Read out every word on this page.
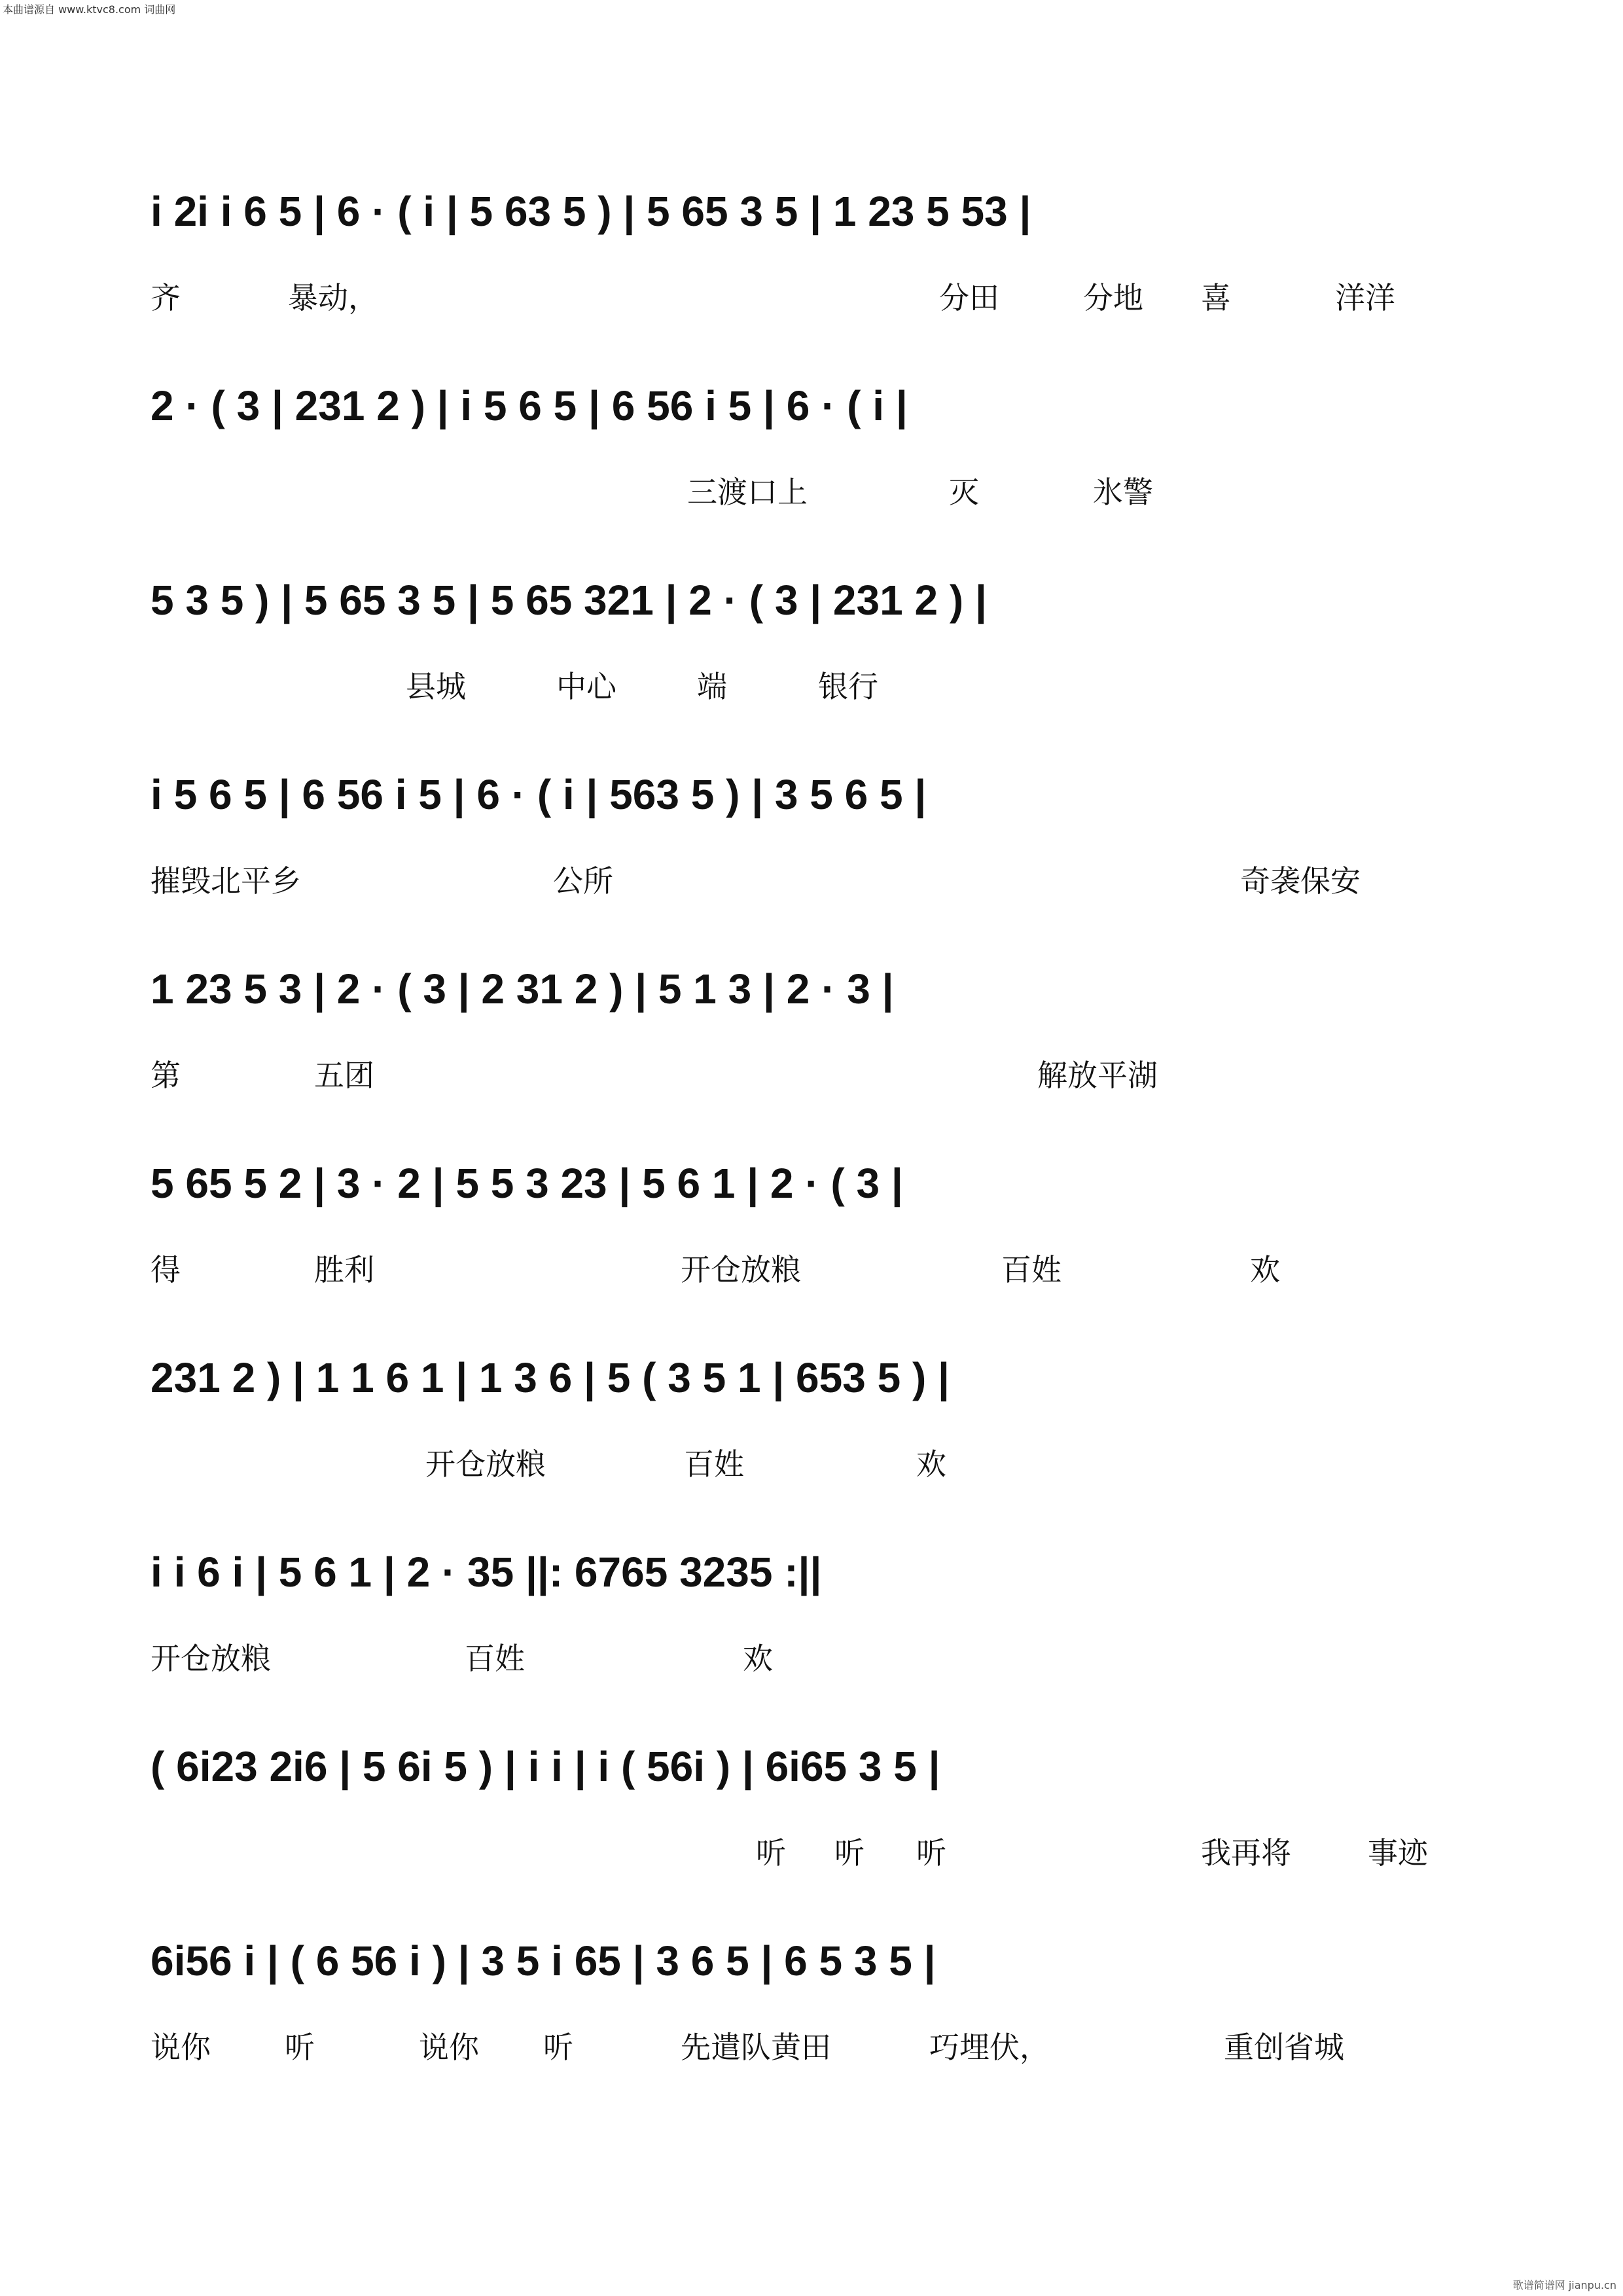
本曲谱源自 www.ktvc8.com 词曲网
i 2i i 6 5 | 6 · ( i | 5 63 5 ) | 5 65 3 5 | 1 23 5 53 |
齐	暴动，	分田	分地 喜	洋洋
2 · ( 3 | 231 2 ) | i 5 6 5 | 6 56 i 5 | 6 · ( i |
三渡口上	灭	氷警
5 3 5 ) | 5 65 3 5 | 5 65 321 | 2 · ( 3 | 231 2 ) |
县城	中心	端	银行
i 5 6 5 | 6 56 i 5 | 6 · ( i | 563 5 ) | 3 5 6 5 |
摧毁北平乡	公所	奇袭保安
1 23 5 3 | 2 · ( 3 | 2 31 2 ) | 5 1 3 | 2 · 3 |
第	五团	解放平湖
5 65 5 2 | 3 · 2 | 5 5 3 23 | 5 6 1 | 2 · ( 3 |
得	胜利	开仓放粮	百姓	欢
231 2 ) | 1 1 6 1 | 1 3 6 | 5 ( 3 5 1 | 653 5 ) |
开仓放粮	百姓	欢
i i 6 i | 5 6 1 | 2 · 35 ||: 6765 3235 :||
开仓放粮	百姓	欢
( 6i23 2i6 | 5 6i 5 ) | i i | i ( 56i ) | 6i65 3 5 |
听 听 听	我再将	事迹
6i56 i | ( 6 56 i ) | 3 5 i 65 | 3 6 5 | 6 5 3 5 |
说你 听	说你 听	先遣队黄田	巧埋伏，	重创省城
歌谱简谱网 jianpu.cn
